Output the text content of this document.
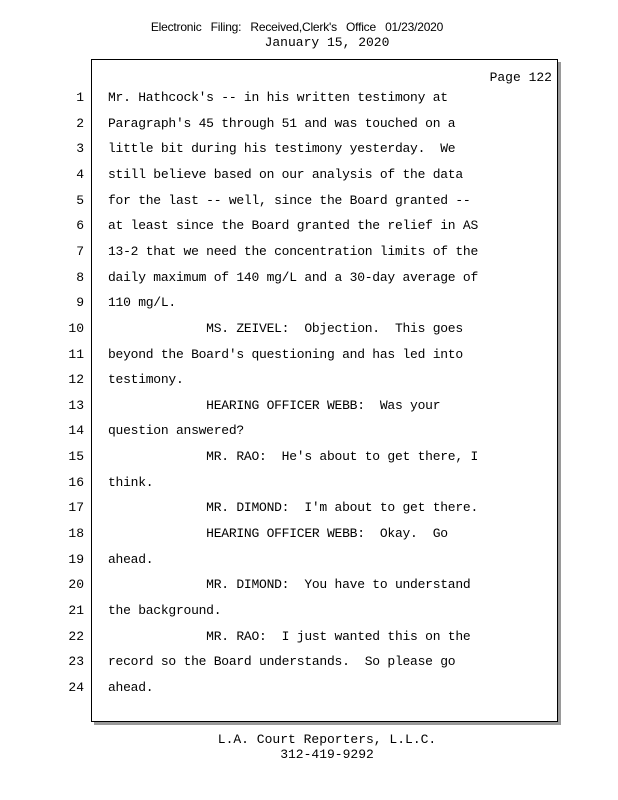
Electronic Filing: Received,Clerk's Office 01/23/2020
January 15, 2020
Page 122
1
2
3
4
5
6
7
8
9
10
11
12
13
14
15
16
17
18
19
20
21
22
23
24
Mr. Hathcock's -- in his written testimony at
Paragraph's 45 through 51 and was touched on a
little bit during his testimony yesterday.  We
still believe based on our analysis of the data
for the last -- well, since the Board granted --
at least since the Board granted the relief in AS
13-2 that we need the concentration limits of the
daily maximum of 140 mg/L and a 30-day average of
110 mg/L.
MS. ZEIVEL:  Objection.  This goes
beyond the Board's questioning and has led into
testimony.
HEARING OFFICER WEBB:  Was your
question answered?
MR. RAO:  He's about to get there, I
think.
MR. DIMOND:  I'm about to get there.
HEARING OFFICER WEBB:  Okay.  Go
ahead.
MR. DIMOND:  You have to understand
the background.
MR. RAO:  I just wanted this on the
record so the Board understands.  So please go
ahead.
L.A. Court Reporters, L.L.C.
312-419-9292
